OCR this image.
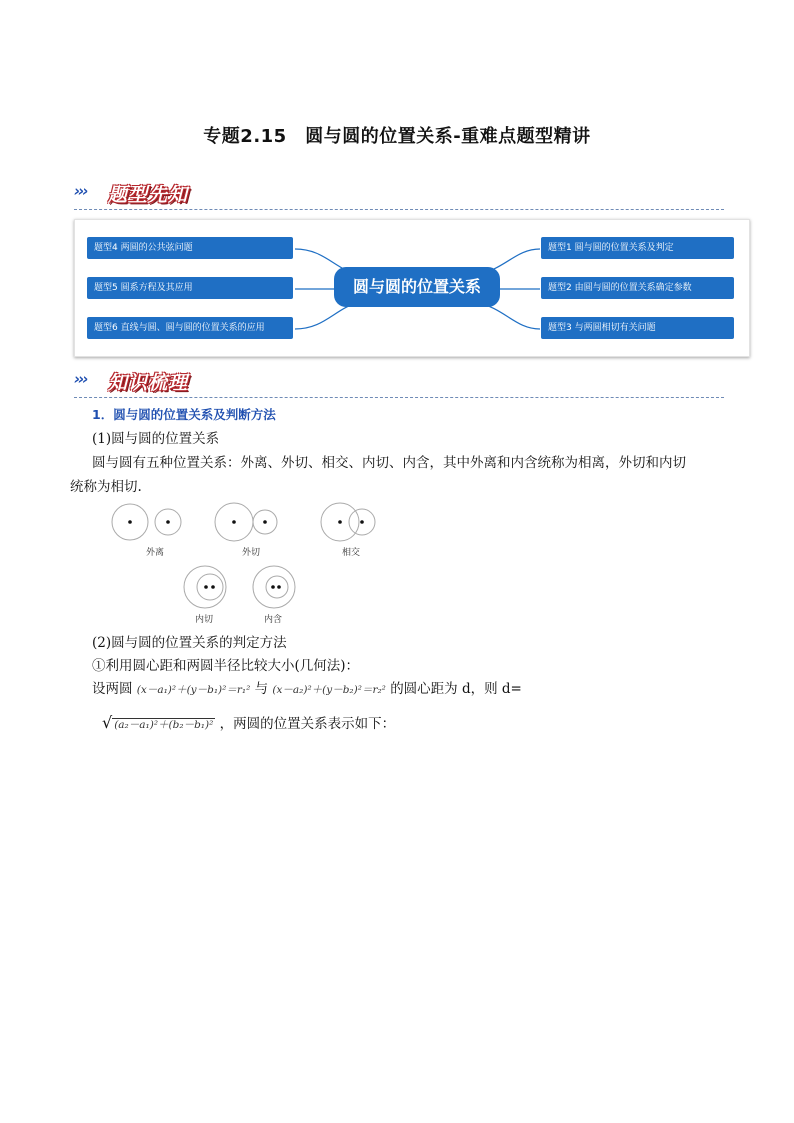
专题2.15　圆与圆的位置关系-重难点题型精讲
››› 题型先知
题型4 两圆的公共弦问题
题型5 圆系方程及其应用
题型6 直线与圆、圆与圆的位置关系的应用
圆与圆的位置关系
题型1 圆与圆的位置关系及判定
题型2 由圆与圆的位置关系确定参数
题型3 与两圆相切有关问题
››› 知识梳理
1．圆与圆的位置关系及判断方法
(1)圆与圆的位置关系
圆与圆有五种位置关系：外离、外切、相交、内切、内含，其中外离和内含统称为相离，外切和内切
统称为相切.
外离	外切	相交
内切	内含
(2)圆与圆的位置关系的判定方法
①利用圆心距和两圆半径比较大小(几何法)：
设两圆 (x－a₁)²＋(y－b₁)²＝r₁² 与 (x－a₂)²＋(y－b₂)²＝r₂² 的圆心距为 d，则 d=
√ (a₂－a₁)²＋(b₂－b₁)² ，两圆的位置关系表示如下：
